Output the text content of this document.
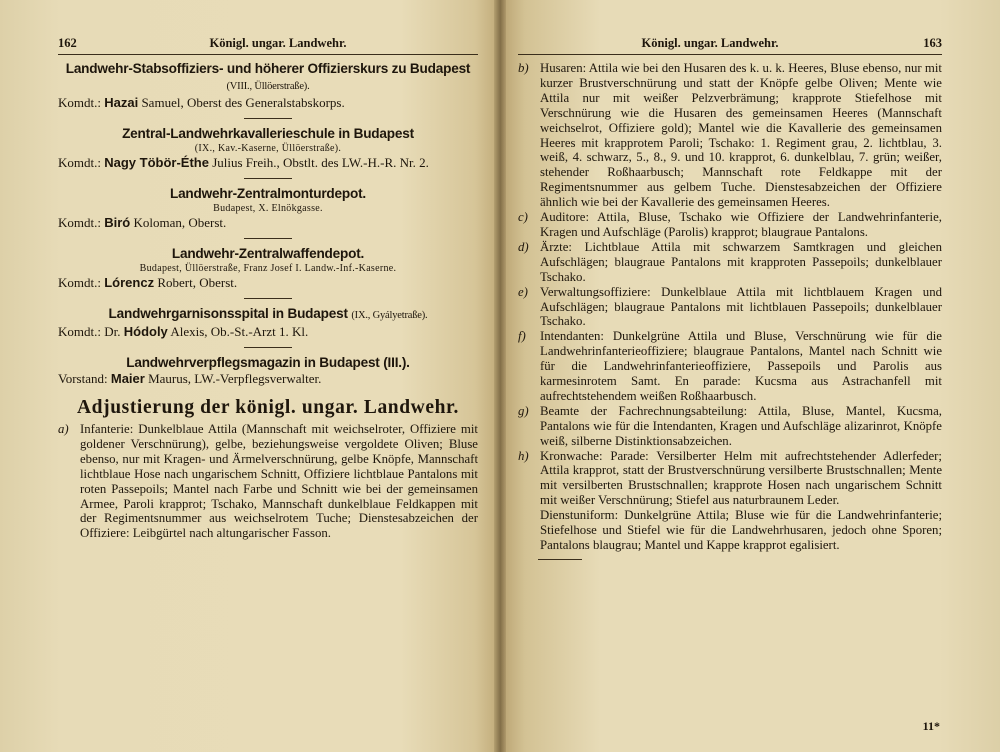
162	Königl. ungar. Landwehr.
Landwehr-Stabsoffiziers- und höherer Offizierskurs zu Budapest (VIII., Üllöerstraße).
Komdt.: Hazai Samuel, Oberst des Generalstabskorps.
Zentral-Landwehrkavallerieschule in Budapest
(IX., Kav.-Kaserne, Üllöerstraße).
Komdt.: Nagy Töbör-Éthe Julius Freih., Obstlt. des LW.-H.-R. Nr. 2.
Landwehr-Zentralmonturdepot.
Budapest, X. Elnökgasse.
Komdt.: Biró Koloman, Oberst.
Landwehr-Zentralwaffendepot.
Budapest, Üllöerstraße, Franz Josef I. Landw.-Inf.-Kaserne.
Komdt.: Lórencz Robert, Oberst.
Landwehrgarnisonsspital in Budapest (IX., Gyályetraße).
Komdt.: Dr. Hódoly Alexis, Ob.-St.-Arzt 1. Kl.
Landwehrverpflegsmagazin in Budapest (III.).
Vorstand: Maier Maurus, LW.-Verpflegsverwalter.
Adjustierung der königl. ungar. Landwehr.
a) Infanterie: Dunkelblaue Attila (Mannschaft mit weichselroter, Offiziere mit goldener Verschnürung), gelbe, beziehungsweise vergoldete Oliven; Bluse ebenso, nur mit Kragen- und Ärmelverschnürung, gelbe Knöpfe, Mannschaft lichtblaue Hose nach ungarischem Schnitt, Offiziere lichtblaue Pantalons mit roten Passepoils; Mantel nach Farbe und Schnitt wie bei der gemeinsamen Armee, Paroli krapprot; Tschako, Mannschaft dunkelblaue Feldkappen mit der Regimentsnummer aus weichselrotem Tuche; Dienstesabzeichen der Offiziere: Leibgürtel nach altungarischer Fasson.
Königl. ungar. Landwehr.	163
b) Husaren: Attila wie bei den Husaren des k. u. k. Heeres, Bluse ebenso, nur mit kurzer Brustverschnürung und statt der Knöpfe gelbe Oliven; Mente wie Attila nur mit weißer Pelzverbrämung; krapprote Stiefelhose mit Verschnürung wie die Husaren des gemeinsamen Heeres (Mannschaft weichselrot, Offiziere gold); Mantel wie die Kavallerie des gemeinsamen Heeres mit krapprotem Paroli; Tschako: 1. Regiment grau, 2. lichtblau, 3. weiß, 4. schwarz, 5., 8., 9. und 10. krapprot, 6. dunkelblau, 7. grün; weißer, stehender Roßhaarbusch; Mannschaft rote Feldkappe mit der Regimentsnummer aus gelbem Tuche. Dienstesabzeichen der Offiziere ähnlich wie bei der Kavallerie des gemeinsamen Heeres.
c) Auditore: Attila, Bluse, Tschako wie Offiziere der Landwehrinfanterie, Kragen und Aufschläge (Parolis) krapprot; blaugraue Pantalons.
d) Ärzte: Lichtblaue Attila mit schwarzem Samtkragen und gleichen Aufschlägen; blaugraue Pantalons mit krapproten Passepoils; dunkelblauer Tschako.
e) Verwaltungsoffiziere: Dunkelblaue Attila mit lichtblauem Kragen und Aufschlägen; blaugraue Pantalons mit lichtblauen Passepoils; dunkelblauer Tschako.
f)	Intendanten: Dunkelgrüne Attila und Bluse, Verschnürung wie für die Landwehrinfanterieoffiziere; blaugraue Pantalons, Mantel nach Schnitt wie für die Landwehrinfanterieoffiziere, Passepoils und Parolis aus karmesinrotem Samt. En parade: Kucsma aus Astrachanfell mit aufrechtstehendem weißen Roßhaarbusch.
g) Beamte der Fachrechnungsabteilung: Attila, Bluse, Mantel, Kucsma, Pantalons wie für die Intendanten, Kragen und Aufschläge alizarinrot, Knöpfe weiß, silberne Distinktionsabzeichen.
h) Kronwache: Parade: Versilberter Helm mit aufrechtstehender Adlerfeder; Attila krapprot, statt der Brustverschnürung versilberte Brustschnallen; Mente mit versilberten Brustschnallen; krapprote Hosen nach ungarischem Schnitt mit weißer Verschnürung; Stiefel aus naturbraunem Leder.
Dienstuniform: Dunkelgrüne Attila; Bluse wie für die Landwehrinfanterie; Stiefelhose und Stiefel wie für die Landwehrhusaren, jedoch ohne Sporen; Pantalons blaugrau; Mantel und Kappe krapprot egalisiert.
11*
